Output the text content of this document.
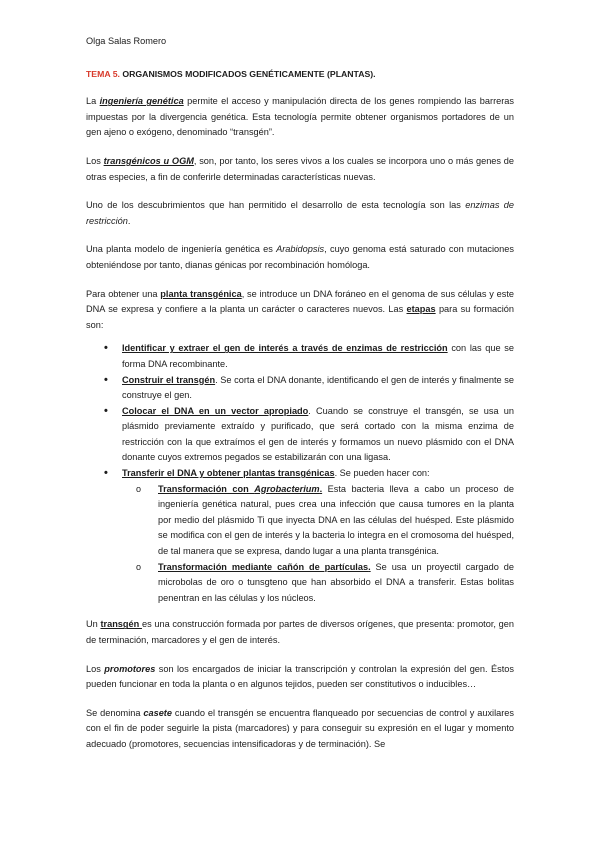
Olga Salas Romero
TEMA 5. ORGANISMOS MODIFICADOS GENÉTICAMENTE (PLANTAS).

La ingeniería genética permite el acceso y manipulación directa de los genes rompiendo las barreras impuestas por la divergencia genética. Esta tecnología permite obtener organismos portadores de un gen ajeno o exógeno, denominado “transgén”.

Los transgénicos u OGM, son, por tanto, los seres vivos a los cuales se incorpora uno o más genes de otras especies, a fin de conferirle determinadas características nuevas.

Uno de los descubrimientos que han permitido el desarrollo de esta tecnología son las enzimas de restricción.

Una planta modelo de ingeniería genética es Arabidopsis, cuyo genoma está saturado con mutaciones obteniéndose por tanto, dianas génicas por recombinación homóloga.

Para obtener una planta transgénica, se introduce un DNA foráneo en el genoma de sus células y este DNA se expresa y confiere a la planta un carácter o caracteres nuevos. Las etapas para su formación son:

• Identificar y extraer el gen de interés a través de enzimas de restricción con las que se forma DNA recombinante.
• Construir el transgén. Se corta el DNA donante, identificando el gen de interés y finalmente se construye el gen.
• Colocar el DNA en un vector apropiado. Cuando se construye el transgén, se usa un plásmido previamente extraído y purificado, que será cortado con la misma enzima de restricción con la que extraímos el gen de interés y formamos un nuevo plásmido con el DNA donante cuyos extremos pegados se estabilizarán con una ligasa.
• Transferir el DNA y obtener plantas transgénicas. Se pueden hacer con:
o Transformación con Agrobacterium. Esta bacteria lleva a cabo un proceso de ingeniería genética natural, pues crea una infección que causa tumores en la planta por medio del plásmido Ti que inyecta DNA en las células del huésped. Este plásmido se modifica con el gen de interés y la bacteria lo integra en el cromosoma del huésped, de tal manera que se expresa, dando lugar a una planta transgénica.
o Transformación mediante cañón de partículas. Se usa un proyectil cargado de microbolas de oro o tunsgteno que han absorbido el DNA a transferir. Estas bolitas penentran en las células y los núcleos.

Un transgén es una construcción formada por partes de diversos orígenes, que presenta: promotor, gen de terminación, marcadores y el gen de interés.

Los promotores son los encargados de iniciar la transcripción y controlan la expresión del gen. Éstos pueden funcionar en toda la planta o en algunos tejidos, pueden ser constitutivos o inducibles…

Se denomina casete cuando el transgén se encuentra flanqueado por secuencias de control y auxilares con el fin de poder seguirle la pista (marcadores) y para conseguir su expresión en el lugar y momento adecuado (promotores, secuencias intensificadoras y de terminación). Se
